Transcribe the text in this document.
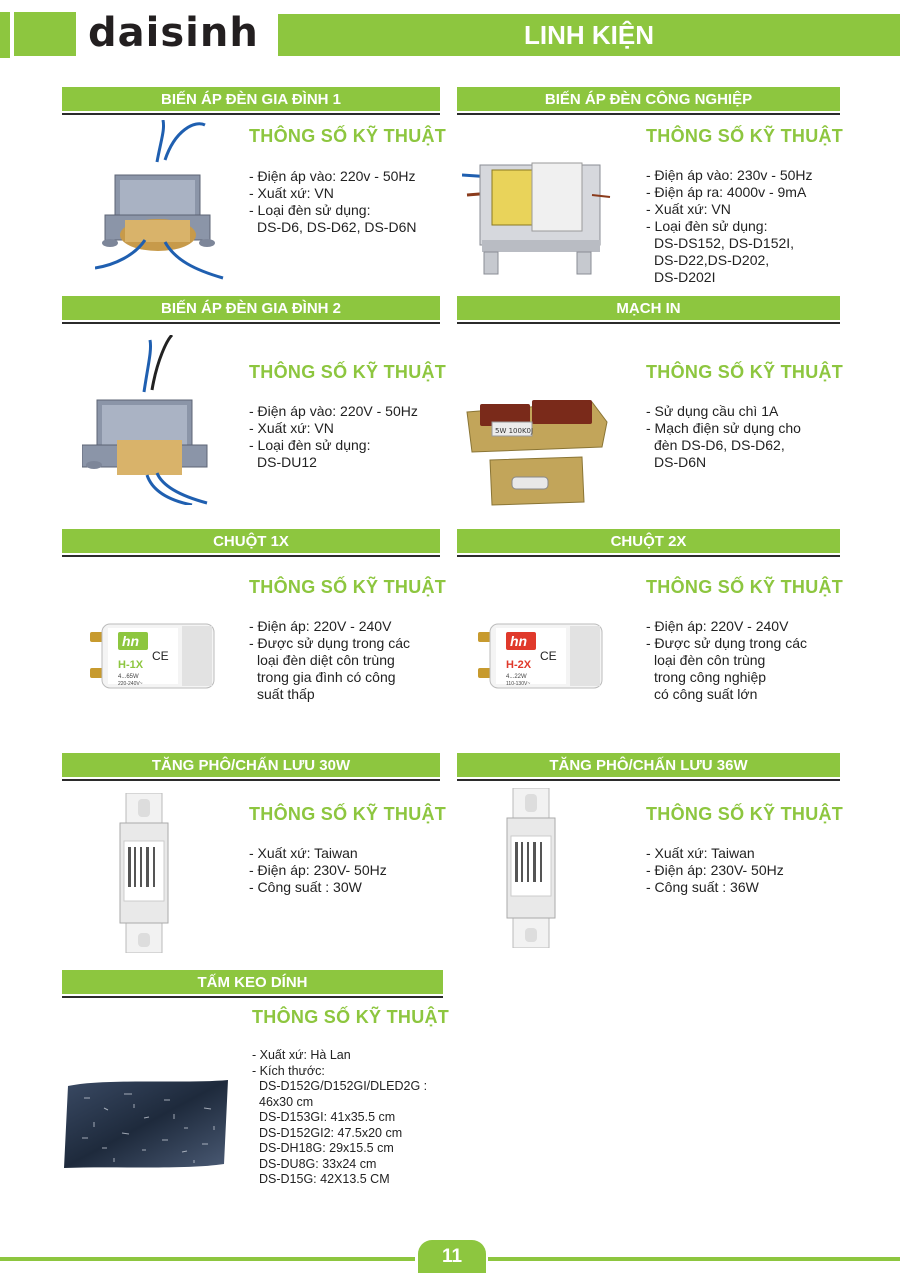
daisinh	LINH KIỆN
BIẾN ÁP ĐÈN GIA ĐÌNH 1
THÔNG SỐ KỸ THUẬT
- Điện áp vào: 220v - 50Hz
- Xuất xứ: VN
- Loại đèn sử dụng:
DS-D6, DS-D62, DS-D6N
BIẾN ÁP ĐÈN CÔNG NGHIỆP
THÔNG SỐ KỸ THUẬT
- Điện áp vào: 230v - 50Hz
- Điện áp ra: 4000v - 9mA
- Xuất xứ: VN
- Loại đèn sử dụng:
DS-DS152, DS-D152I,
DS-D22,DS-D202,
DS-D202I
BIẾN ÁP ĐÈN GIA ĐÌNH 2
THÔNG SỐ KỸ THUẬT
- Điện áp vào: 220V - 50Hz
- Xuất xứ: VN
- Loại đèn sử dụng:
DS-DU12
MẠCH IN
5W 100K0J
THÔNG SỐ KỸ THUẬT
- Sử dụng cầu chì 1A
- Mạch điện sử dụng cho
đèn DS-D6, DS-D62,
DS-D6N
CHUỘT 1X
hn
CE
H-1X
4...65W
220-240V~
THÔNG SỐ KỸ THUẬT
- Điện áp: 220V - 240V
- Được sử dụng trong các
loại đèn diệt côn trùng
trong gia đình có công
suất thấp
CHUỘT 2X
hn
CE
H-2X
4...22W
110-130V~
THÔNG SỐ KỸ THUẬT
- Điện áp: 220V - 240V
- Được sử dụng trong các
loại đèn côn trùng
trong công nghiệp
có công suất lớn
TĂNG PHÔ/CHẤN LƯU 30W
THÔNG SỐ KỸ THUẬT
- Xuất xứ: Taiwan
- Điện áp: 230V- 50Hz
- Công suất : 30W
TĂNG PHÔ/CHẤN LƯU 36W
THÔNG SỐ KỸ THUẬT
- Xuất xứ: Taiwan
- Điện áp: 230V- 50Hz
- Công suất : 36W
TẤM KEO DÍNH
THÔNG SỐ KỸ THUẬT
- Xuất xứ: Hà Lan
- Kích thước:
DS-D152G/D152GI/DLED2G :
46x30 cm
DS-D153GI: 41x35.5 cm
DS-D152GI2: 47.5x20 cm
DS-DH18G: 29x15.5 cm
DS-DU8G: 33x24 cm
DS-D15G: 42X13.5 CM
11
